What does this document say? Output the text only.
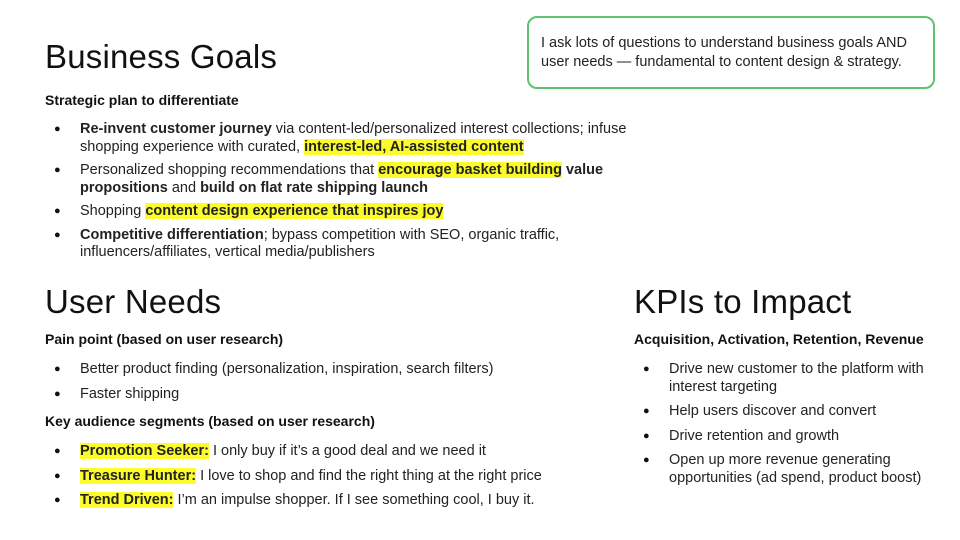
I ask lots of questions to understand business goals AND user needs — fundamental to content design & strategy.
Business Goals
Strategic plan to differentiate
● Re-invent customer journey via content-led/personalized interest collections; infuse shopping experience with curated, interest-led, AI-assisted content
● Personalized shopping recommendations that encourage basket building value propositions and build on flat rate shipping launch
● Shopping content design experience that inspires joy
● Competitive differentiation; bypass competition with SEO, organic traffic, influencers/affiliates, vertical media/publishers
User Needs
Pain point (based on user research)
● Better product finding (personalization, inspiration, search filters)
● Faster shipping
Key audience segments (based on user research)
● Promotion Seeker: I only buy if it’s a good deal and we need it
● Treasure Hunter: I love to shop and find the right thing at the right price
● Trend Driven: I’m an impulse shopper. If I see something cool, I buy it.
KPIs to Impact
Acquisition, Activation, Retention, Revenue
● Drive new customer to the platform with interest targeting
● Help users discover and convert
● Drive retention and growth
● Open up more revenue generating opportunities (ad spend, product boost)
